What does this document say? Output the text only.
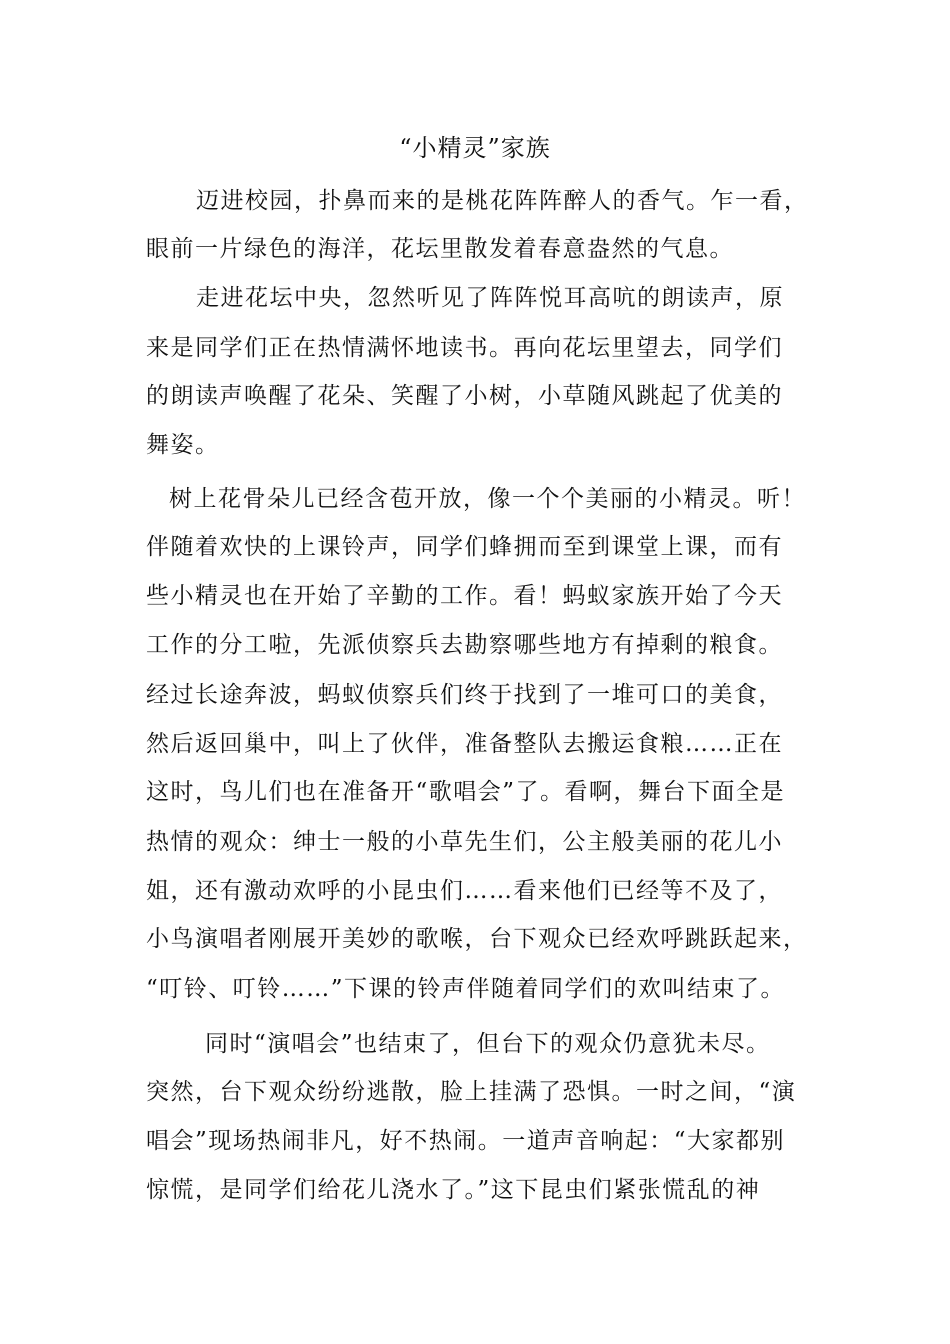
“小精灵”家族
迈进校园，扑鼻而来的是桃花阵阵醉人的香气。乍一看，
眼前一片绿色的海洋，花坛里散发着春意盎然的气息。
走进花坛中央，忽然听见了阵阵悦耳高吭的朗读声，原
来是同学们正在热情满怀地读书。再向花坛里望去，同学们
的朗读声唤醒了花朵、笑醒了小树，小草随风跳起了优美的
舞姿。
树上花骨朵儿已经含苞开放，像一个个美丽的小精灵。听！
伴随着欢快的上课铃声，同学们蜂拥而至到课堂上课，而有
些小精灵也在开始了辛勤的工作。看！蚂蚁家族开始了今天
工作的分工啦，先派侦察兵去勘察哪些地方有掉剩的粮食。
经过长途奔波，蚂蚁侦察兵们终于找到了一堆可口的美食，
然后返回巢中，叫上了伙伴，准备整队去搬运食粮……正在
这时，鸟儿们也在准备开“歌唱会”了。看啊，舞台下面全是
热情的观众：绅士一般的小草先生们，公主般美丽的花儿小
姐，还有激动欢呼的小昆虫们……看来他们已经等不及了，
小鸟演唱者刚展开美妙的歌喉，台下观众已经欢呼跳跃起来，
“叮铃、叮铃……”下课的铃声伴随着同学们的欢叫结束了。
同时“演唱会”也结束了，但台下的观众仍意犹未尽。
突然，台下观众纷纷逃散，脸上挂满了恐惧。一时之间，“演
唱会”现场热闹非凡，好不热闹。一道声音响起：“大家都别
惊慌，是同学们给花儿浇水了。”这下昆虫们紧张慌乱的神
